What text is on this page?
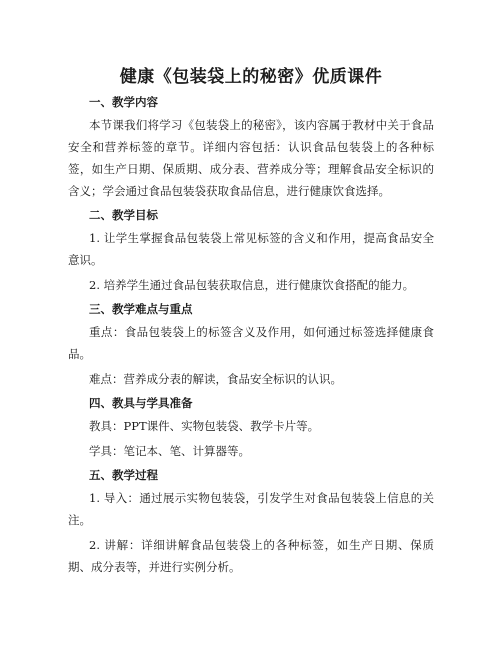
健康《包装袋上的秘密》优质课件
一、教学内容

本节课我们将学习《包装袋上的秘密》，该内容属于教材中关于食品安全和营养标签的章节。详细内容包括：认识食品包装袋上的各种标签，如生产日期、保质期、成分表、营养成分等；理解食品安全标识的含义；学会通过食品包装袋获取食品信息，进行健康饮食选择。

二、教学目标

1. 让学生掌握食品包装袋上常见标签的含义和作用，提高食品安全意识。

2. 培养学生通过食品包装获取信息，进行健康饮食搭配的能力。

三、教学难点与重点

重点：食品包装袋上的标签含义及作用，如何通过标签选择健康食品。

难点：营养成分表的解读，食品安全标识的认识。

四、教具与学具准备

教具：PPT课件、实物包装袋、教学卡片等。

学具：笔记本、笔、计算器等。

五、教学过程

1. 导入：通过展示实物包装袋，引发学生对食品包装袋上信息的关注。

2. 讲解：详细讲解食品包装袋上的各种标签，如生产日期、保质期、成分表等，并进行实例分析。
